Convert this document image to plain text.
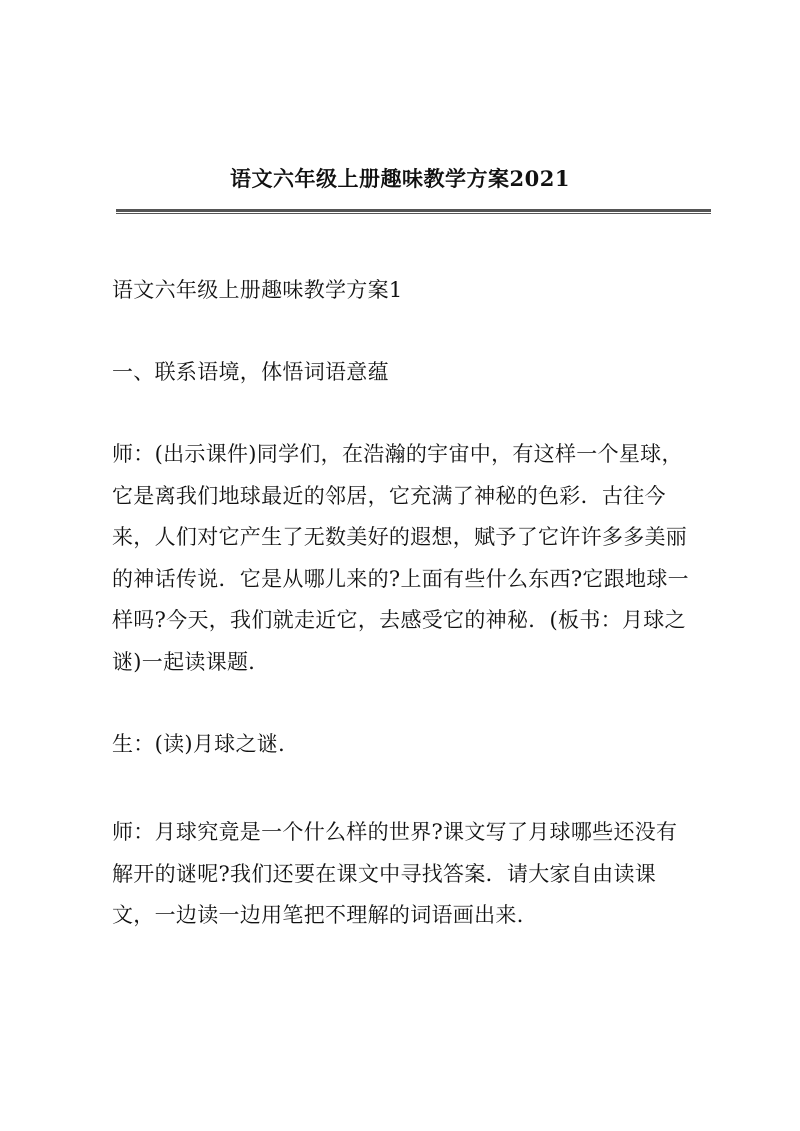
语文六年级上册趣味教学方案2021

语文六年级上册趣味教学方案1

一、联系语境，体悟词语意蕴

师：(出示课件)同学们，在浩瀚的宇宙中，有这样一个星球，它是离我们地球最近的邻居，它充满了神秘的色彩．古往今来，人们对它产生了无数美好的遐想，赋予了它许许多多美丽的神话传说．它是从哪儿来的?上面有些什么东西?它跟地球一样吗?今天，我们就走近它，去感受它的神秘．(板书：月球之谜)一起读课题．

生：(读)月球之谜．

师：月球究竟是一个什么样的世界?课文写了月球哪些还没有解开的谜呢?我们还要在课文中寻找答案．请大家自由读课文，一边读一边用笔把不理解的词语画出来．
